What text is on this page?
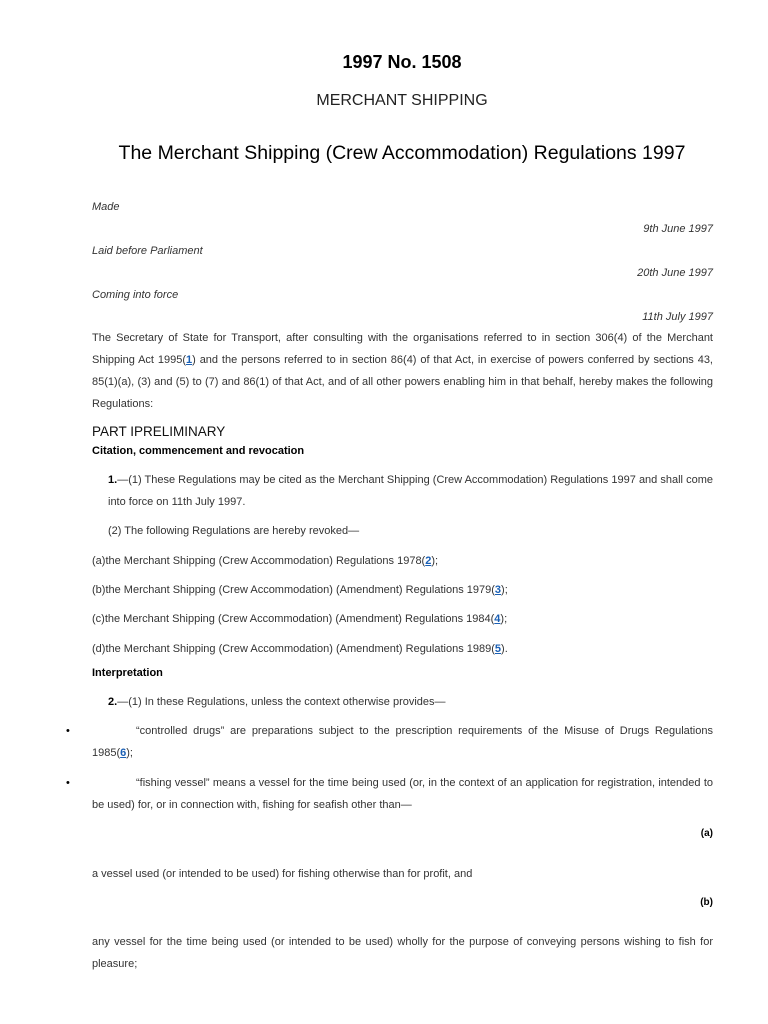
1997 No. 1508
MERCHANT SHIPPING
The Merchant Shipping (Crew Accommodation) Regulations 1997
Made
9th June 1997
Laid before Parliament
20th June 1997
Coming into force
11th July 1997
The Secretary of State for Transport, after consulting with the organisations referred to in section 306(4) of the Merchant Shipping Act 1995(1) and the persons referred to in section 86(4) of that Act, in exercise of powers conferred by sections 43, 85(1)(a), (3) and (5) to (7) and 86(1) of that Act, and of all other powers enabling him in that behalf, hereby makes the following Regulations:
PART IPRELIMINARY
Citation, commencement and revocation
1.—(1) These Regulations may be cited as the Merchant Shipping (Crew Accommodation) Regulations 1997 and shall come into force on 11th July 1997.
(2) The following Regulations are hereby revoked—
(a)the Merchant Shipping (Crew Accommodation) Regulations 1978(2);
(b)the Merchant Shipping (Crew Accommodation) (Amendment) Regulations 1979(3);
(c)the Merchant Shipping (Crew Accommodation) (Amendment) Regulations 1984(4);
(d)the Merchant Shipping (Crew Accommodation) (Amendment) Regulations 1989(5).
Interpretation
2.—(1) In these Regulations, unless the context otherwise provides—
•	“controlled drugs” are preparations subject to the prescription requirements of the Misuse of Drugs Regulations 1985(6);
•	“fishing vessel” means a vessel for the time being used (or, in the context of an application for registration, intended to be used) for, or in connection with, fishing for seafish other than—
(a)
a vessel used (or intended to be used) for fishing otherwise than for profit, and
(b)
any vessel for the time being used (or intended to be used) wholly for the purpose of conveying persons wishing to fish for pleasure;
